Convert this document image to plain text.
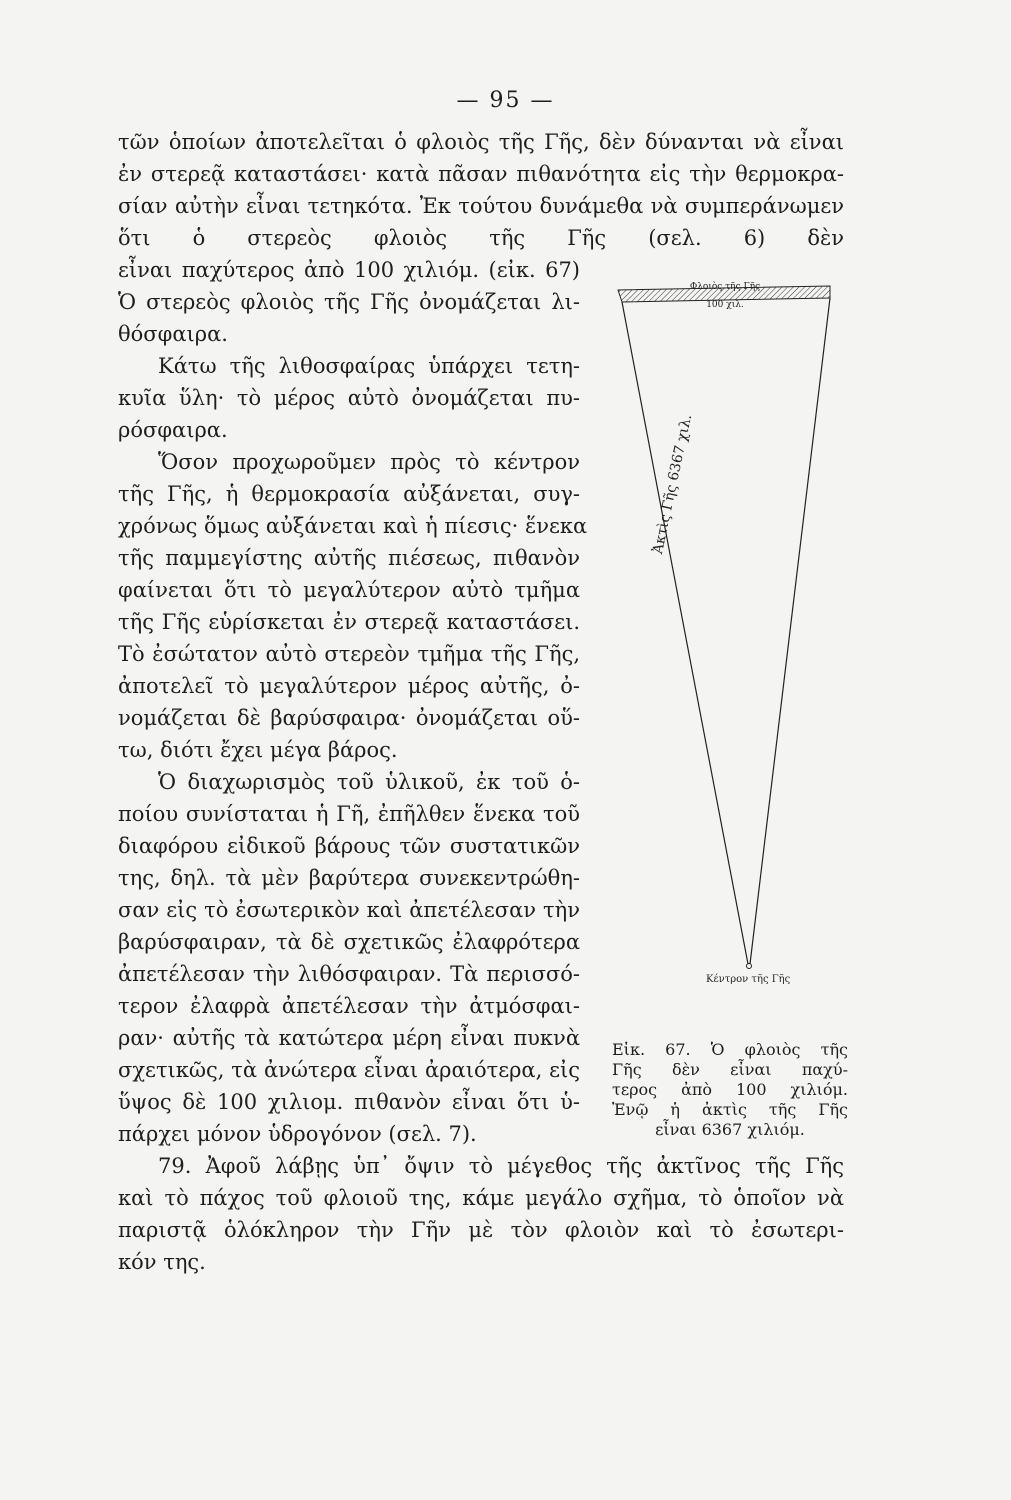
— 95 —
τῶν ὁποίων ἀποτελεῖται ὁ φλοιὸς τῆς Γῆς, δὲν δύνανται νὰ εἶναι
ἐν στερεᾷ καταστάσει· κατὰ πᾶσαν πιθανότητα εἰς τὴν θερμοκρα-
σίαν αὐτὴν εἶναι τετηκότα. Ἐκ τούτου δυνάμεθα νὰ συμπεράνωμεν
ὅτι ὁ στερεὸς φλοιὸς τῆς Γῆς (σελ. 6) δὲν
εἶναι παχύτερος ἀπὸ 100 χιλιόμ. (εἰκ. 67)
Ὁ στερεὸς φλοιὸς τῆς Γῆς ὀνομάζεται λι-
θόσφαιρα.
Κάτω τῆς λιθοσφαίρας ὑπάρχει τετη-
κυῖα ὕλη· τὸ μέρος αὐτὸ ὀνομάζεται πυ-
ρόσφαιρα.
Ὅσον προχωροῦμεν πρὸς τὸ κέντρον
τῆς Γῆς, ἡ θερμοκρασία αὐξάνεται, συγ-
χρόνως ὅμως αὐξάνεται καὶ ἡ πίεσις· ἕνεκα
τῆς παμμεγίστης αὐτῆς πιέσεως, πιθανὸν
φαίνεται ὅτι τὸ μεγαλύτερον αὐτὸ τμῆμα
τῆς Γῆς εὑρίσκεται ἐν στερεᾷ καταστάσει.
Τὸ ἐσώτατον αὐτὸ στερεὸν τμῆμα τῆς Γῆς,
ἀποτελεῖ τὸ μεγαλύτερον μέρος αὐτῆς, ὀ-
νομάζεται δὲ βαρύσφαιρα· ὀνομάζεται οὕ-
τω, διότι ἔχει μέγα βάρος.
Ὁ διαχωρισμὸς τοῦ ὑλικοῦ, ἐκ τοῦ ὁ-
ποίου συνίσταται ἡ Γῆ, ἐπῆλθεν ἕνεκα τοῦ
διαφόρου εἰδικοῦ βάρους τῶν συστατικῶν
της, δηλ. τὰ μὲν βαρύτερα συνεκεντρώθη-
σαν εἰς τὸ ἐσωτερικὸν καὶ ἀπετέλεσαν τὴν
βαρύσφαιραν, τὰ δὲ σχετικῶς ἐλαφρότερα
ἀπετέλεσαν τὴν λιθόσφαιραν. Τὰ περισσό-
τερον ἐλαφρὰ ἀπετέλεσαν τὴν ἀτμόσφαι-
ραν· αὐτῆς τὰ κατώτερα μέρη εἶναι πυκνὰ
σχετικῶς, τὰ ἀνώτερα εἶναι ἀραιότερα, εἰς
ὕψος δὲ 100 χιλιομ. πιθανὸν εἶναι ὅτι ὑ-
πάρχει μόνον ὑδρογόνον (σελ. 7).
79. Ἀφοῦ λάβῃς ὑπ᾽ ὄψιν τὸ μέγεθος τῆς ἀκτῖνος τῆς Γῆς
καὶ τὸ πάχος τοῦ φλοιοῦ της, κάμε μεγάλο σχῆμα, τὸ ὁποῖον νὰ
παριστᾷ ὁλόκληρον τὴν Γῆν μὲ τὸν φλοιὸν καὶ τὸ ἐσωτερι-
κόν της.
Φλοιὸς τῆς Γῆς
100 χιλ.
Ἀκτὶς Γῆς 6367 χιλ.
Κέντρον τῆς Γῆς
Εἰκ. 67. Ὁ φλοιὸς τῆς
Γῆς δὲν εἶναι παχύ-
τερος ἀπὸ 100 χιλιόμ.
Ἐνῷ ἡ ἀκτὶς τῆς Γῆς
εἶναι 6367 χιλιόμ.
